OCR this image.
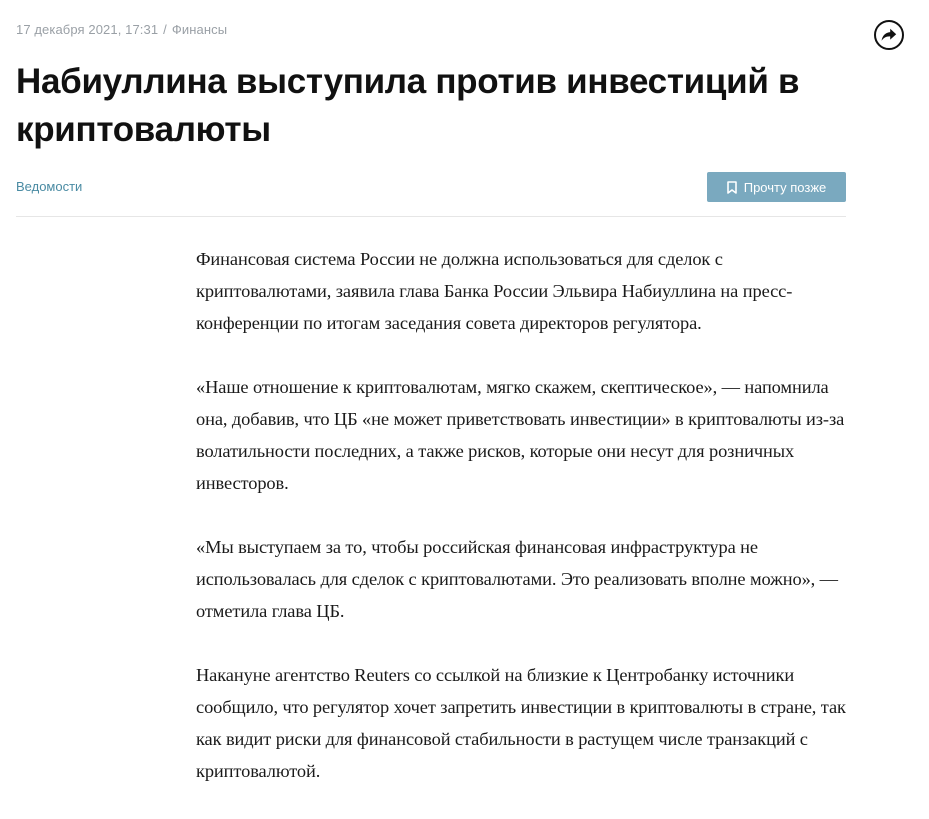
17 декабря 2021, 17:31 / Финансы
Набиуллина выступила против инвестиций в криптовалюты
Ведомости	Прочту позже

Финансовая система России не должна использоваться для сделок с криптовалютами, заявила глава Банка России Эльвира Набиуллина на пресс-конференции по итогам заседания совета директоров регулятора.

«Наше отношение к криптовалютам, мягко скажем, скептическое», — напомнила она, добавив, что ЦБ «не может приветствовать инвестиции» в криптовалюты из-за волатильности последних, а также рисков, которые они несут для розничных инвесторов.

«Мы выступаем за то, чтобы российская финансовая инфраструктура не использовалась для сделок с криптовалютами. Это реализовать вполне можно», — отметила глава ЦБ.

Накануне агентство Reuters со ссылкой на близкие к Центробанку источники сообщило, что регулятор хочет запретить инвестиции в криптовалюты в стране, так как видит риски для финансовой стабильности в растущем числе транзакций с криптовалютой.
